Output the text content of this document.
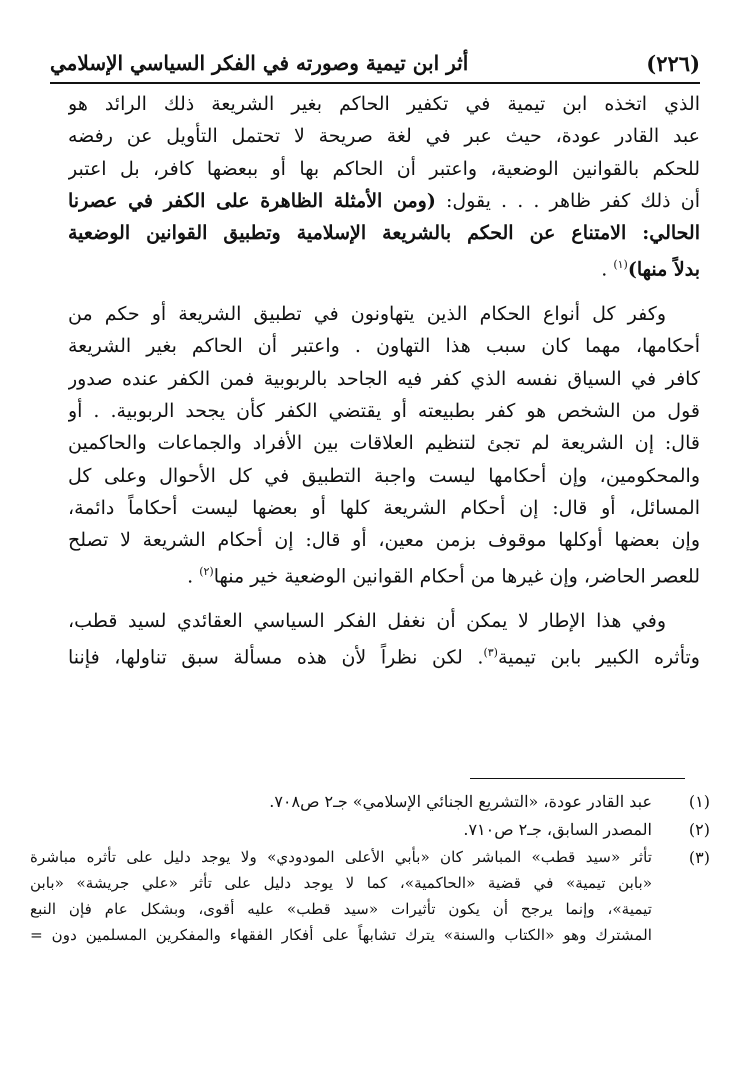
(٢٢٦)
أثر ابن تيمية وصورته في الفكر السياسي الإسلامي
الذي اتخذه ابن تيمية في تكفير الحاكم بغير الشريعة ذلك الرائد هو
عبد القادر عودة، حيث عبر في لغة صريحة لا تحتمل التأويل عن رفضه
للحكم بالقوانين الوضعية، واعتبر أن الحاكم بها أو ببعضها كافر، بل اعتبر
أن ذلك كفر ظاهر . . . يقول: (ومن الأمثلة الظاهرة على الكفر في عصرنا
الحالي: الامتناع عن الحكم بالشريعة الإسلامية وتطبيق القوانين الوضعية
بدلاً منها)$^{(١)}$ .
وكفر كل أنواع الحكام الذين يتهاونون في تطبيق الشريعة أو حكم من
أحكامها، مهما كان سبب هذا التهاون . واعتبر أن الحاكم بغير الشريعة
كافر في السياق نفسه الذي كفر فيه الجاحد بالربوبية فمن الكفر عنده صدور
قول من الشخص هو كفر بطبيعته أو يقتضي الكفر كأن يجحد الربوبية. . أو
قال: إن الشريعة لم تجئ لتنظيم العلاقات بين الأفراد والجماعات والحاكمين
والمحكومين، وإن أحكامها ليست واجبة التطبيق في كل الأحوال وعلى كل
المسائل، أو قال: إن أحكام الشريعة كلها أو بعضها ليست أحكاماً دائمة،
وإن بعضها أوكلها موقوف بزمن معين، أو قال: إن أحكام الشريعة لا تصلح
للعصر الحاضر، وإن غيرها من أحكام القوانين الوضعية خير منها$^{(٢)}$ .
وفي هذا الإطار لا يمكن أن نغفل الفكر السياسي العقائدي لسيد قطب،
وتأثره الكبير بابن تيمية$^{(٣)}$. لكن نظراً لأن هذه مسألة سبق تناولها، فإننا
(١)
عبد القادر عودة، «التشريع الجنائي الإسلامي» جـ٢ ص٧٠٨.
(٢)
المصدر السابق، جـ٢ ص٧١٠.
(٣)
تأثر «سيد قطب» المباشر كان «بأبي الأعلى المودودي» ولا يوجد دليل على تأثره مباشرة
«بابن تيمية» في قضية «الحاكمية»، كما لا يوجد دليل على تأثر «علي جريشة» «بابن
تيمية»، وإنما يرجح أن يكون تأثيرات «سيد قطب» عليه أقوى، وبشكل عام فإن النبع
المشترك وهو «الكتاب والسنة» يترك تشابهاً على أفكار الفقهاء والمفكرين المسلمين دون =
